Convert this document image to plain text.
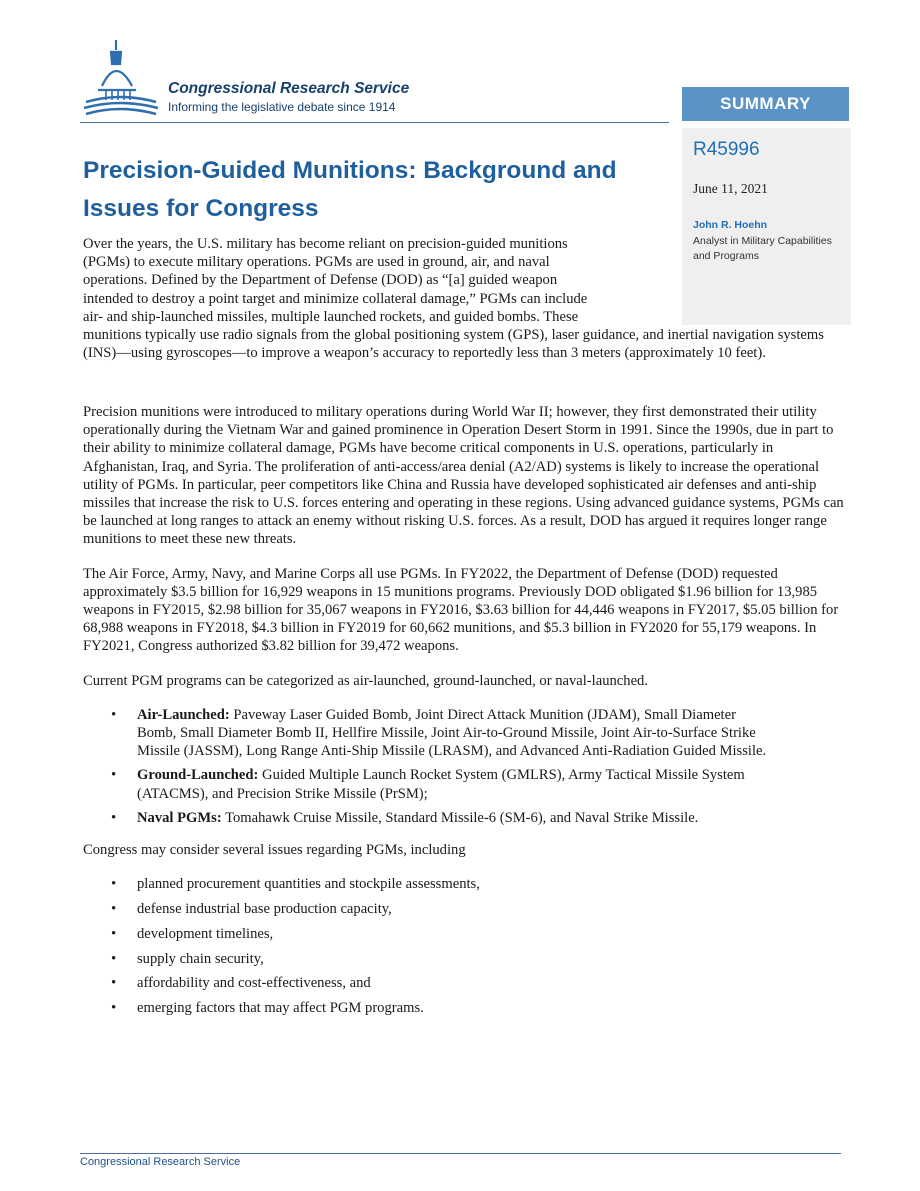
Congressional Research Service
Informing the legislative debate since 1914	SUMMARY
R45996
June 11, 2021
John R. Hoehn
Analyst in Military Capabilities and Programs
Precision-Guided Munitions: Background and Issues for Congress
Over the years, the U.S. military has become reliant on precision-guided munitions
(PGMs) to execute military operations. PGMs are used in ground, air, and naval
operations. Defined by the Department of Defense (DOD) as “[a] guided weapon
intended to destroy a point target and minimize collateral damage,” PGMs can include
air- and ship-launched missiles, multiple launched rockets, and guided bombs. These
munitions typically use radio signals from the global positioning system (GPS), laser guidance, and inertial navigation systems (INS)—using gyroscopes—to improve a weapon’s accuracy to reportedly less than 3 meters (approximately 10 feet).

Precision munitions were introduced to military operations during World War II; however, they first demonstrated their utility operationally during the Vietnam War and gained prominence in Operation Desert Storm in 1991. Since the 1990s, due in part to their ability to minimize collateral damage, PGMs have become critical components in U.S. operations, particularly in Afghanistan, Iraq, and Syria. The proliferation of anti-access/area denial (A2/AD) systems is likely to increase the operational utility of PGMs. In particular, peer competitors like China and Russia have developed sophisticated air defenses and anti-ship missiles that increase the risk to U.S. forces entering and operating in these regions. Using advanced guidance systems, PGMs can be launched at long ranges to attack an enemy without risking U.S. forces. As a result, DOD has argued it requires longer range munitions to meet these new threats.

The Air Force, Army, Navy, and Marine Corps all use PGMs. In FY2022, the Department of Defense (DOD) requested approximately $3.5 billion for 16,929 weapons in 15 munitions programs. Previously DOD obligated $1.96 billion for 13,985 weapons in FY2015, $2.98 billion for 35,067 weapons in FY2016, $3.63 billion for 44,446 weapons in FY2017, $5.05 billion for 68,988 weapons in FY2018, $4.3 billion in FY2019 for 60,662 munitions, and $5.3 billion in FY2020 for 55,179 weapons. In FY2021, Congress authorized $3.82 billion for 39,472 weapons.

Current PGM programs can be categorized as air-launched, ground-launched, or naval-launched.

• Air-Launched: Paveway Laser Guided Bomb, Joint Direct Attack Munition (JDAM), Small Diameter Bomb, Small Diameter Bomb II, Hellfire Missile, Joint Air-to-Ground Missile, Joint Air-to-Surface Strike Missile (JASSM), Long Range Anti-Ship Missile (LRASM), and Advanced Anti-Radiation Guided Missile.
• Ground-Launched: Guided Multiple Launch Rocket System (GMLRS), Army Tactical Missile System (ATACMS), and Precision Strike Missile (PrSM);
• Naval PGMs: Tomahawk Cruise Missile, Standard Missile-6 (SM-6), and Naval Strike Missile.

Congress may consider several issues regarding PGMs, including

• planned procurement quantities and stockpile assessments,
• defense industrial base production capacity,
• development timelines,
• supply chain security,
• affordability and cost-effectiveness, and
• emerging factors that may affect PGM programs.
Congressional Research Service
